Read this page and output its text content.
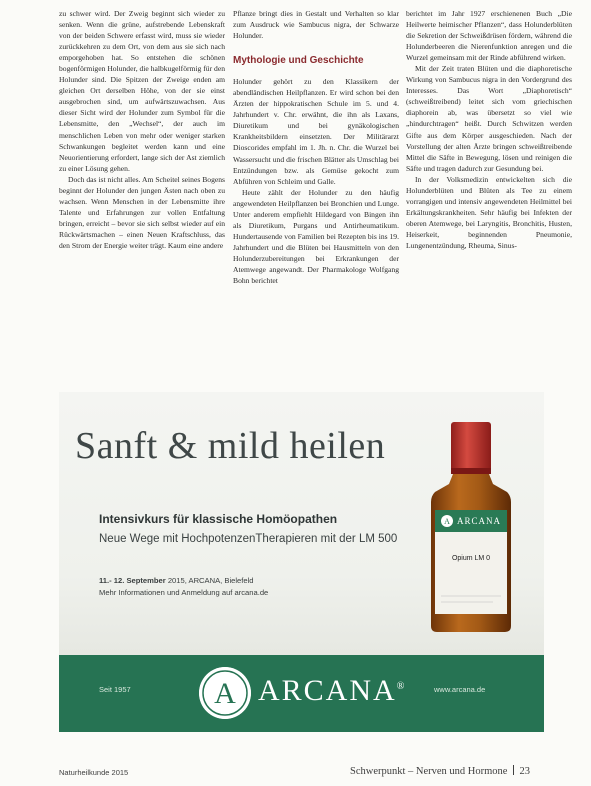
zu schwer wird. Der Zweig beginnt sich wieder zu senken. Wenn die grüne, aufstrebende Lebenskraft von der beiden Schwere erfasst wird, muss sie wieder zurückkehren zu dem Ort, von dem aus sie sich nach emporgehoben hat. So entstehen die schönen bogenförmigen Holunder, die halbkugelförmig für den Holunder sind. Die Spitzen der Zweige enden am gleichen Ort derselben Höhe, von der sie einst ausgebrochen sind, um aufwärtszuwachsen. Aus dieser Sicht wird der Holunder zum Symbol für die Lebensmitte, den „Wechsel“, der auch im menschlichen Leben von mehr oder weniger starken Schwankungen begleitet werden kann und eine Neuorientierung erfordert, lange sich der Ast ziemlich zu einer Lösung gehen.

Doch das ist nicht alles. Am Scheitel seines Bogens beginnt der Holunder den jungen Ästen nach oben zu wachsen. Wenn Menschen in der Lebensmitte ihre Talente und Erfahrungen zur vollen Entfaltung bringen, erreicht – bevor sie sich selbst wieder auf ein Rückwärtsmachen – einen Neuen Kraftschluss, das den Strom der Energie weiter trägt. Kaum eine andere

Pflanze bringt dies in Gestalt und Verhalten so klar zum Ausdruck wie Sambucus nigra, der Schwarze Holunder.

Mythologie und Geschichte

Holunder gehört zu den Klassikern der abendländischen Heilpflanzen. Er wird schon bei den Ärzten der hippokratischen Schule im 5. und 4. Jahrhundert v. Chr. erwähnt, die ihn als Laxans, Diuretikum und bei gynäkologischen Krankheitsbildern einsetzten. Der Militärarzt Dioscorides empfahl im 1. Jh. n. Chr. die Wurzel bei Wassersucht und die frischen Blätter als Umschlag bei Entzündungen bzw. als Gemüse gekocht zum Abführen von Schleim und Galle.

Heute zählt der Holunder zu den häufig angewendeten Heilpflanzen bei Bronchien und Lunge. Unter anderem empfiehlt Hildegard von Bingen ihn als Diuretikum, Purgans und Antirheumatikum. Hundertausende von Familien bei Rezepten bis ins 19. Jahrhundert und die Blüten bei Hausmitteln von den Holunderzubereitungen bei Erkrankungen der Atemwege angewandt. Der Pharmakologe Wolfgang Bohn berichtet

berichtet im Jahr 1927 erschienenen Buch „Die Heilwerte heimischer Pflanzen“, dass Holunderblüten die Sekretion der Schweißdrüsen fördern, während die Holunderbeeren die Nierenfunktion anregen und die Wurzel gemeinsam mit der Rinde abführend wirken.

Mit der Zeit traten Blüten und die diaphoretische Wirkung von Sambucus nigra in den Vordergrund des Interesses. Das Wort „Diaphoretisch“ (schweißtreibend) leitet sich vom griechischen diaphorein ab, was übersetzt so viel wie „hindurchtragen“ heißt. Durch Schwitzen werden Gifte aus dem Körper ausgeschieden. Nach der Vorstellung der alten Ärzte bringen schweißtreibende Mittel die Säfte in Bewegung, lösen und reinigen die Säfte und tragen dadurch zur Gesundung bei.

In der Volksmedizin entwickelten sich die Holunderblüten und Blüten als Tee zu einem vorrangigen und intensiv angewendeten Heilmittel bei Erkältungskrankheiten. Sehr häufig bei Infekten der oberen Atemwege, bei Laryngitis, Bronchitis, Husten, Heiserkeit, beginnenden Pneumonie, Lungenentzündung, Rheuma, Sinus-

Sanft & mild heilen
Intensivkurs für klassische Homöopathen
Neue Wege mit HochpotenzenTherapieren mit der LM 500
11.- 12. September 2015, ARCANA, Bielefeld
Mehr Informationen und Anmeldung auf arcana.de
A ARCANA
Opium LM 0
Seit 1957	A ARCANA®	www.arcana.de
Naturheilkunde 2015	Schwerpunkt – Nerven und Hormone 23
